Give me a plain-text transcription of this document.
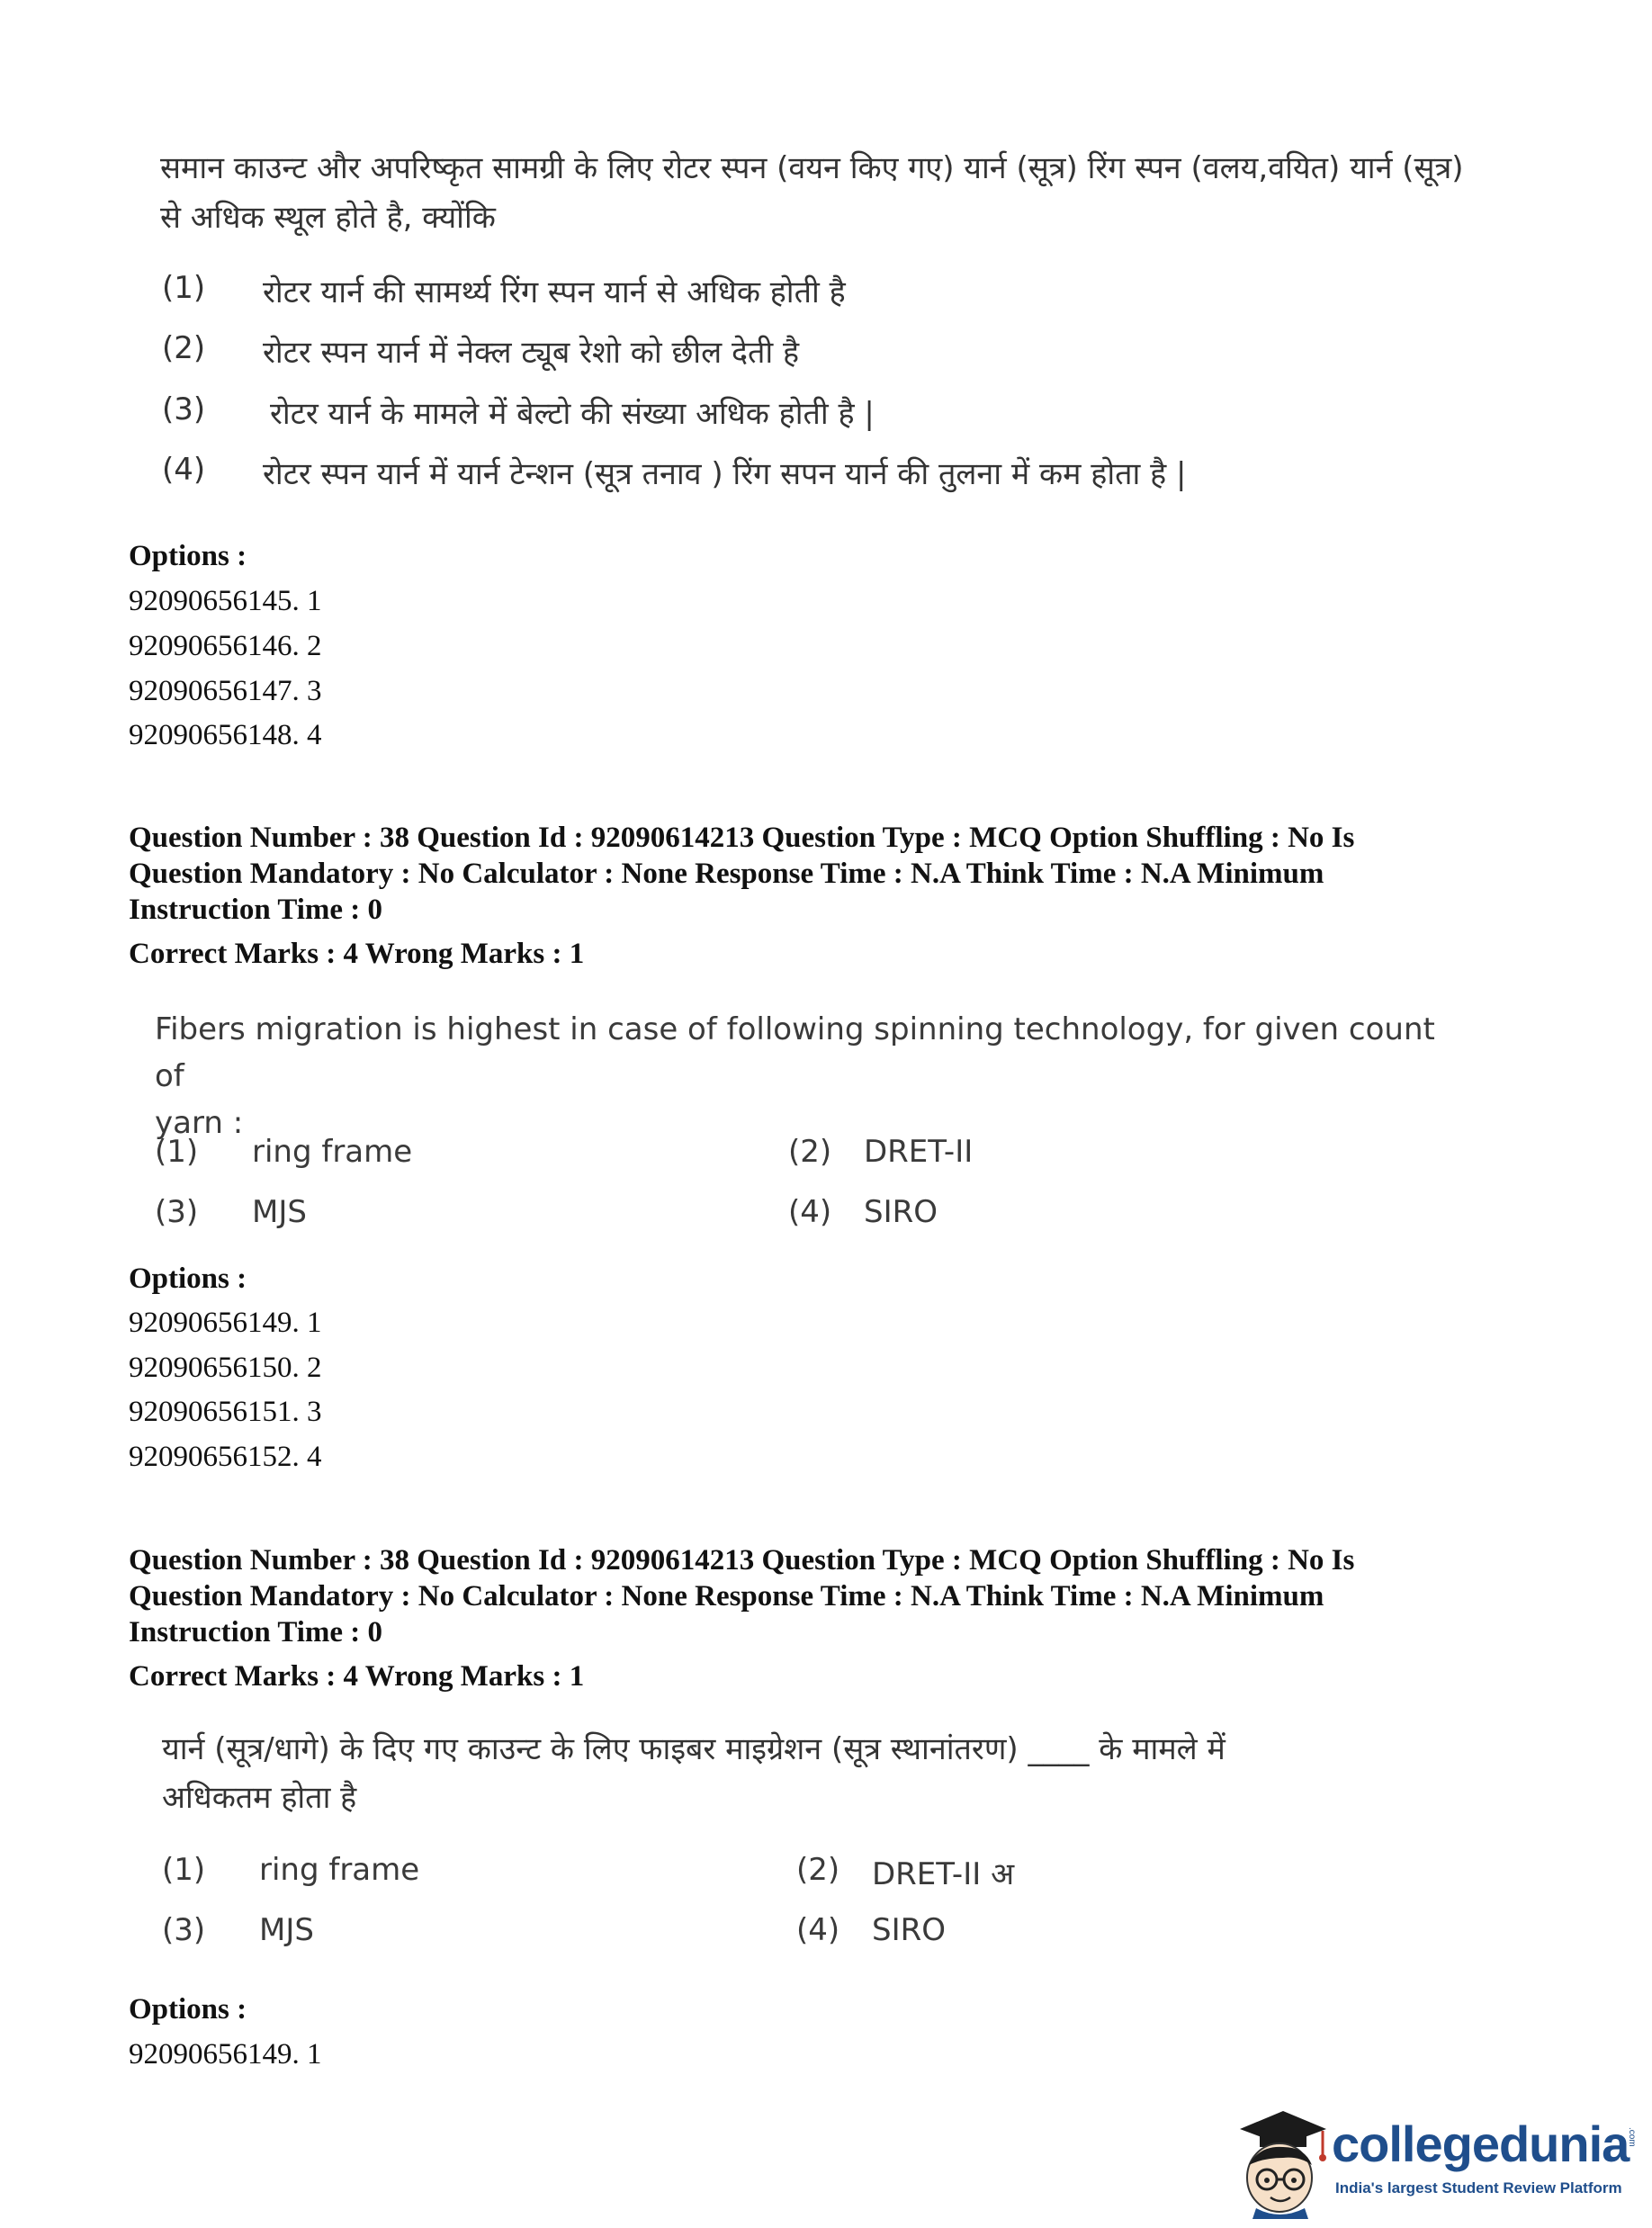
समान काउन्ट और अपरिष्कृत सामग्री के लिए रोटर स्पन (वयन किए गए) यार्न (सूत्र) रिंग स्पन (वलय,वयित) यार्न (सूत्र) से अधिक स्थूल होते है, क्योंकि
(1)	रोटर यार्न की सामर्थ्य रिंग स्पन यार्न से अधिक होती है
(2)	रोटर स्पन यार्न में नेक्ल ट्यूब रेशो को छील देती है
(3)	रोटर यार्न के मामले में बेल्टो की संख्या अधिक होती है |
(4)	रोटर स्पन यार्न में यार्न टेन्शन (सूत्र तनाव ) रिंग सपन यार्न की तुलना में कम होता है |
Options :
92090656145. 1
92090656146. 2
92090656147. 3
92090656148. 4
Question Number : 38 Question Id : 92090614213 Question Type : MCQ Option Shuffling : No Is
Question Mandatory : No Calculator : None Response Time : N.A Think Time : N.A Minimum
Instruction Time : 0
Correct Marks : 4 Wrong Marks : 1
Fibers migration is highest in case of following spinning technology, for given count of
yarn :
(1) ring frame	(2) DRET-II
(3) MJS	(4) SIRO
Options :
92090656149. 1
92090656150. 2
92090656151. 3
92090656152. 4
Question Number : 38 Question Id : 92090614213 Question Type : MCQ Option Shuffling : No Is
Question Mandatory : No Calculator : None Response Time : N.A Think Time : N.A Minimum
Instruction Time : 0
Correct Marks : 4 Wrong Marks : 1
यार्न (सूत्र/धागे) के दिए गए काउन्ट के लिए फाइबर माइग्रेशन (सूत्र स्थानांतरण) ____ के मामले में
अधिकतम होता है
(1) ring frame	(2) DRET-II अ
(3) MJS	(4) SIRO
Options :
92090656149. 1
collegedunia
.com
India's largest Student Review Platform
